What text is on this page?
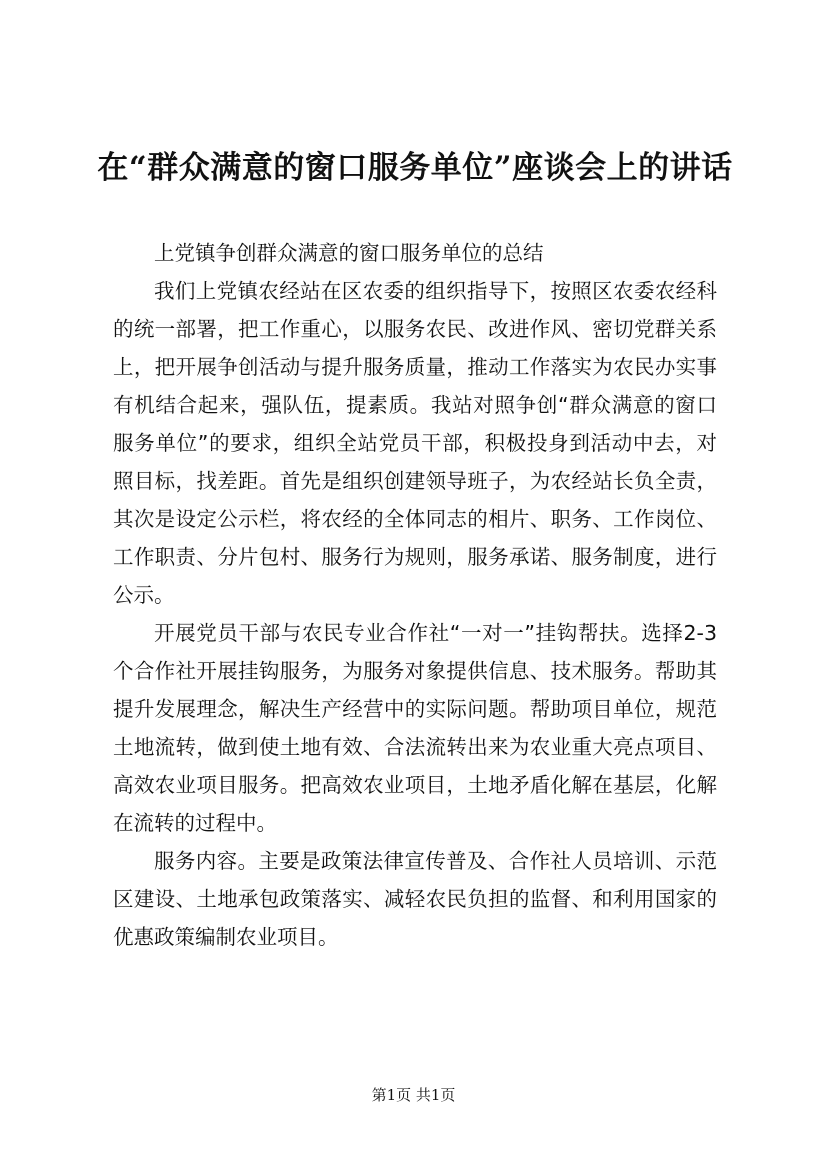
在“群众满意的窗口服务单位”座谈会上的讲话

上党镇争创群众满意的窗口服务单位的总结

我们上党镇农经站在区农委的组织指导下，按照区农委农经科的统一部署，把工作重心，以服务农民、改进作风、密切党群关系上，把开展争创活动与提升服务质量，推动工作落实为农民办实事有机结合起来，强队伍，提素质。我站对照争创“群众满意的窗口服务单位”的要求，组织全站党员干部，积极投身到活动中去，对照目标，找差距。首先是组织创建领导班子，为农经站长负全责，其次是设定公示栏，将农经的全体同志的相片、职务、工作岗位、工作职责、分片包村、服务行为规则，服务承诺、服务制度，进行公示。

开展党员干部与农民专业合作社“一对一”挂钩帮扶。选择2-3个合作社开展挂钩服务，为服务对象提供信息、技术服务。帮助其提升发展理念，解决生产经营中的实际问题。帮助项目单位，规范土地流转，做到使土地有效、合法流转出来为农业重大亮点项目、高效农业项目服务。把高效农业项目，土地矛盾化解在基层，化解在流转的过程中。

服务内容。主要是政策法律宣传普及、合作社人员培训、示范区建设、土地承包政策落实、减轻农民负担的监督、和利用国家的优惠政策编制农业项目。

第1页 共1页
